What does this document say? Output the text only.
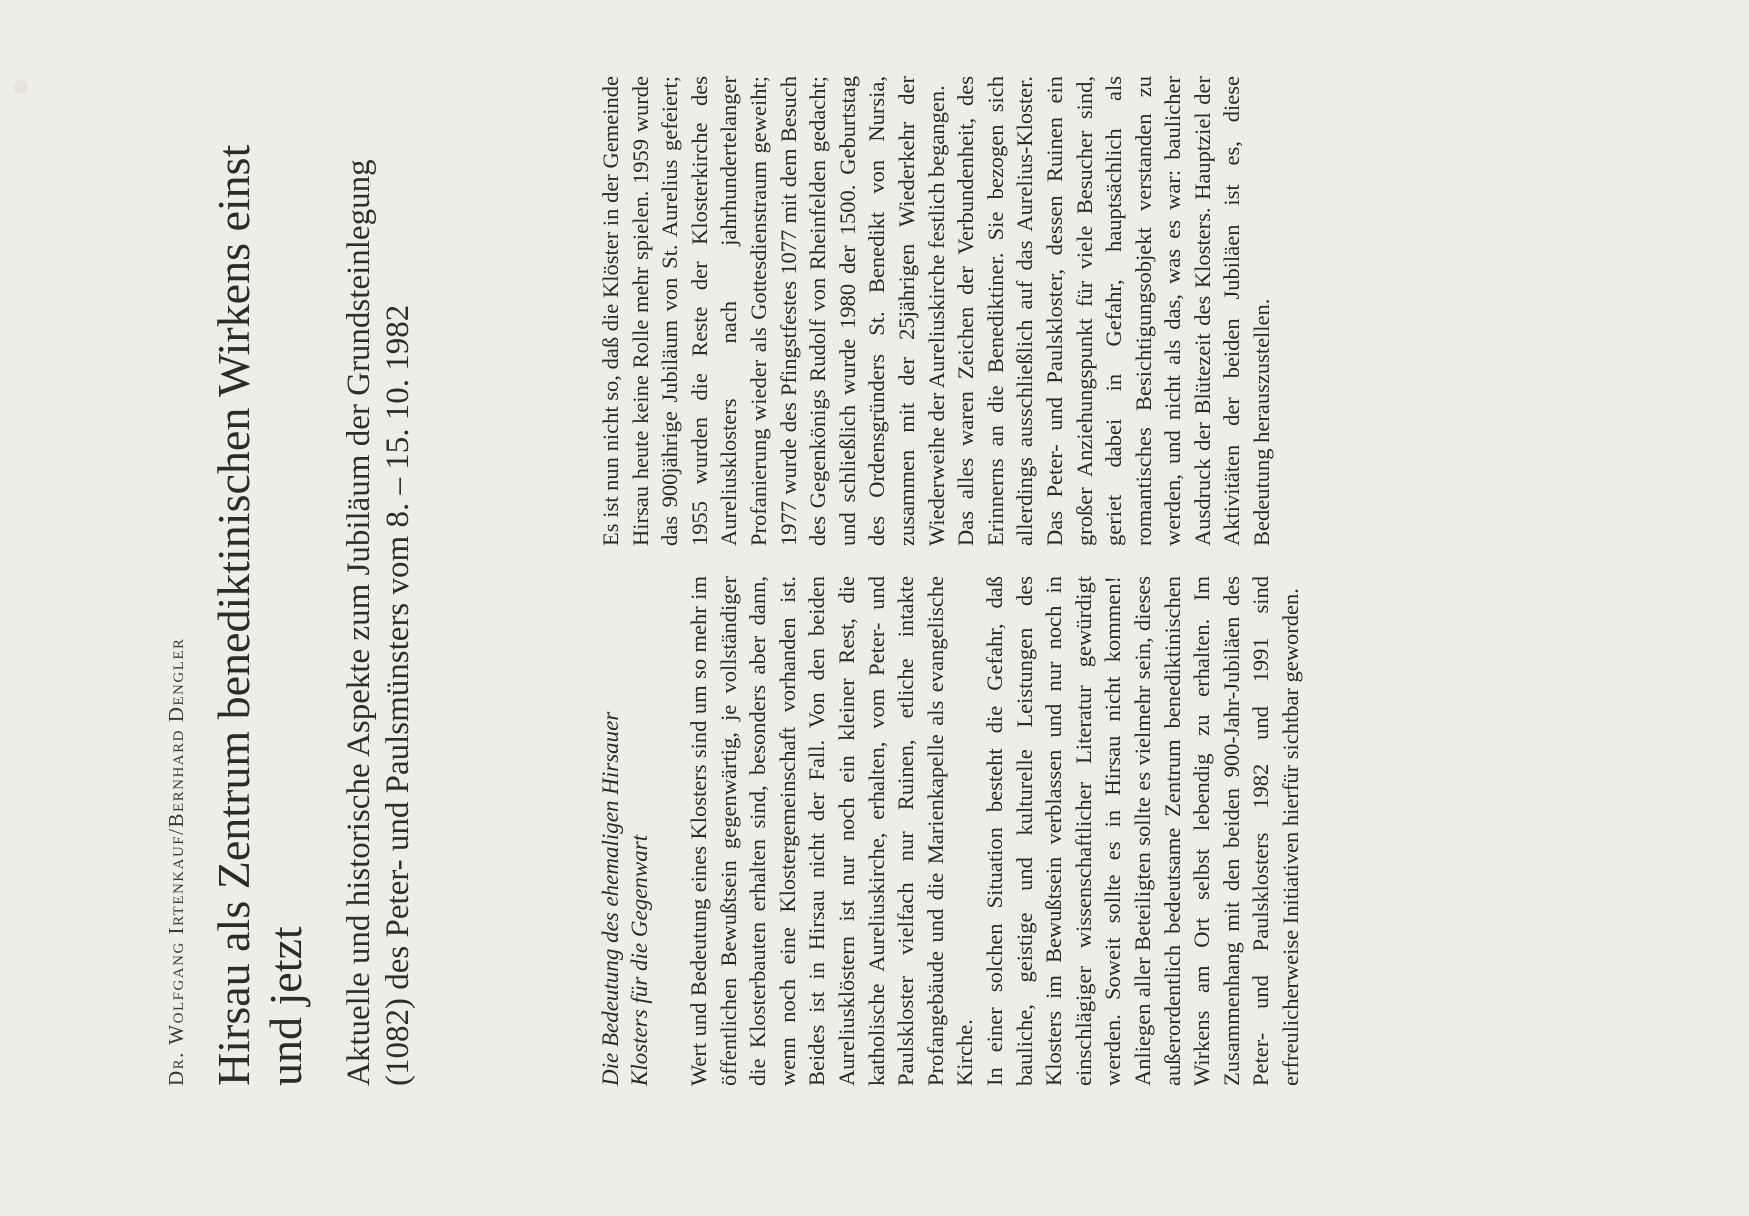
Dr. Wolfgang Irtenkauf/Bernhard Dengler Hirsau als Zentrum benediktinischen Wirkens einst und jetzt Aktuelle und historische Aspekte zum Jubiläum der Grundsteinlegung (1082) des Peter- und Paulsmünsters vom 8. – 15. 10. 1982	Die Bedeutung des ehemaligen Hirsauer Klosters für die Gegenwart Wert und Bedeutung eines Klosters sind um so mehr im öffentlichen Bewußtsein gegenwärtig, je vollständiger die Klosterbauten erhalten sind, besonders aber dann, wenn noch eine Klostergemeinschaft vorhanden ist. Beides ist in Hirsau nicht der Fall. Von den beiden Aureliusklöstern ist nur noch ein kleiner Rest, die katholische Aureliuskirche, erhalten, vom Peter- und Paulskloster vielfach nur Ruinen, etliche intakte Profangebäude und die Marienkapelle als evangelische Kirche. In einer solchen Situation besteht die Gefahr, daß bauliche, geistige und kulturelle Leistungen des Klosters im Bewußtsein verblassen und nur noch in einschlägiger wissenschaftlicher Literatur gewürdigt werden. Soweit sollte es in Hirsau nicht kommen! Anliegen aller Beteiligten sollte es vielmehr sein, dieses außerordentlich bedeutsame Zentrum benediktinischen Wirkens am Ort selbst lebendig zu erhalten. Im Zusammenhang mit den beiden 900-Jahr-Jubiläen des Peter- und Paulsklosters 1982 und 1991 sind erfreulicherweise Initiativen hierfür sichtbar geworden.

Es ist nun nicht so, daß die Klöster in der Gemeinde Hirsau heute keine Rolle mehr spielen. 1959 wurde das 900jährige Jubiläum von St. Aurelius gefeiert; 1955 wurden die Reste der Klosterkirche des Aureliusklosters nach jahrhundertelanger Profanierung wieder als Gottesdienstraum geweiht; 1977 wurde des Pfingstfestes 1077 mit dem Besuch des Gegenkönigs Rudolf von Rheinfelden gedacht; und schließlich wurde 1980 der 1500. Geburtstag des Ordensgründers St. Benedikt von Nursia, zusammen mit der 25jährigen Wiederkehr der Wiederweihe der Aureliuskirche festlich begangen. Das alles waren Zeichen der Verbundenheit, des Erinnerns an die Benediktiner. Sie bezogen sich allerdings ausschließlich auf das Aurelius-Kloster. Das Peter- und Paulskloster, dessen Ruinen ein großer Anziehungspunkt für viele Besucher sind, geriet dabei in Gefahr, hauptsächlich als romantisches Besichtigungsobjekt verstanden zu werden, und nicht als das, was es war: baulicher Ausdruck der Blütezeit des Klosters. Hauptziel der Aktivitäten der beiden Jubiläen ist es, diese Bedeutung herauszustellen.
